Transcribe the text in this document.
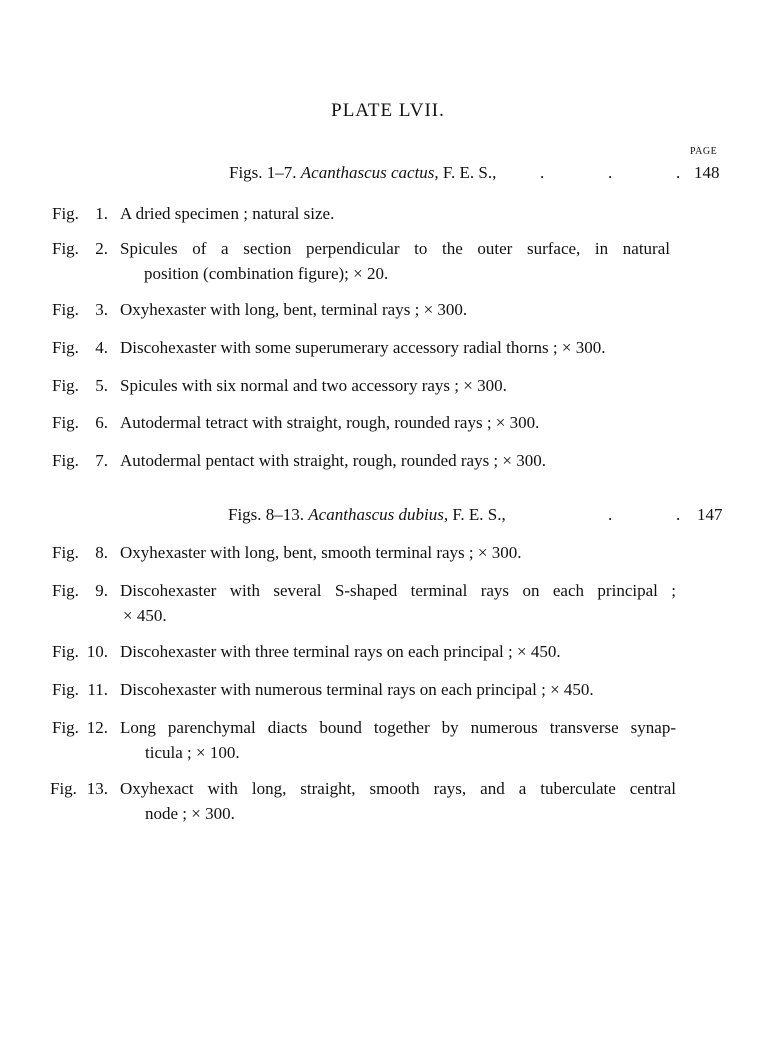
PLATE LVII.
PAGE
Figs. 1–7. Acanthascus cactus, F. E. S.,	.               .               . 148
Fig. 1. A dried specimen ; natural size.
Fig. 2. Spicules of a section perpendicular to the outer surface, in natural
position (combination figure); × 20.
Fig. 3. Oxyhexaster with long, bent, terminal rays ; × 300.
Fig. 4. Discohexaster with some superumerary accessory radial thorns ; × 300.
Fig. 5. Spicules with six normal and two accessory rays ; × 300.
Fig. 6. Autodermal tetract with straight, rough, rounded rays ; × 300.
Fig. 7. Autodermal pentact with straight, rough, rounded rays ; × 300.
Figs. 8–13. Acanthascus dubius, F. E. S.,	.               . 147
Fig. 8. Oxyhexaster with long, bent, smooth terminal rays ; × 300.
Fig. 9. Discohexaster with several S-shaped terminal rays on each principal ;
× 450.
Fig. 10. Discohexaster with three terminal rays on each principal ; × 450.
Fig. 11. Discohexaster with numerous terminal rays on each principal ; × 450.
Fig. 12. Long parenchymal diacts bound together by numerous transverse synap-
ticula ; × 100.
Fig. 13. Oxyhexact with long, straight, smooth rays, and a tuberculate central
node ; × 300.
